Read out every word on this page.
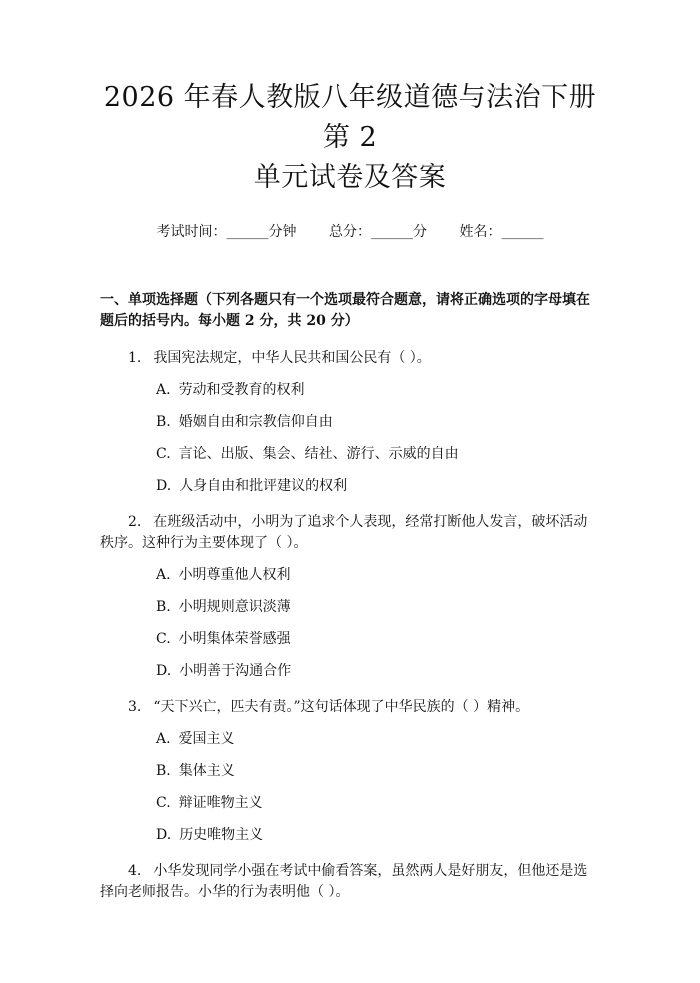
2026 年春人教版八年级道德与法治下册第 2
单元试卷及答案
考试时间：______分钟 总分：______分 姓名：______
一、单项选择题（下列各题只有一个选项最符合题意，请将正确选项的字母填在
题后的括号内。每小题 2 分，共 20 分）
1. 我国宪法规定，中华人民共和国公民有（ ）。
A. 劳动和受教育的权利
B. 婚姻自由和宗教信仰自由
C. 言论、出版、集会、结社、游行、示威的自由
D. 人身自由和批评建议的权利
2. 在班级活动中，小明为了追求个人表现，经常打断他人发言，破坏活动秩序。这种行为主要体现了（ ）。
A. 小明尊重他人权利
B. 小明规则意识淡薄
C. 小明集体荣誉感强
D. 小明善于沟通合作
3. “天下兴亡，匹夫有责。”这句话体现了中华民族的（ ）精神。
A. 爱国主义
B. 集体主义
C. 辩证唯物主义
D. 历史唯物主义
4. 小华发现同学小强在考试中偷看答案，虽然两人是好朋友，但他还是选择向老师报告。小华的行为表明他（ ）。
